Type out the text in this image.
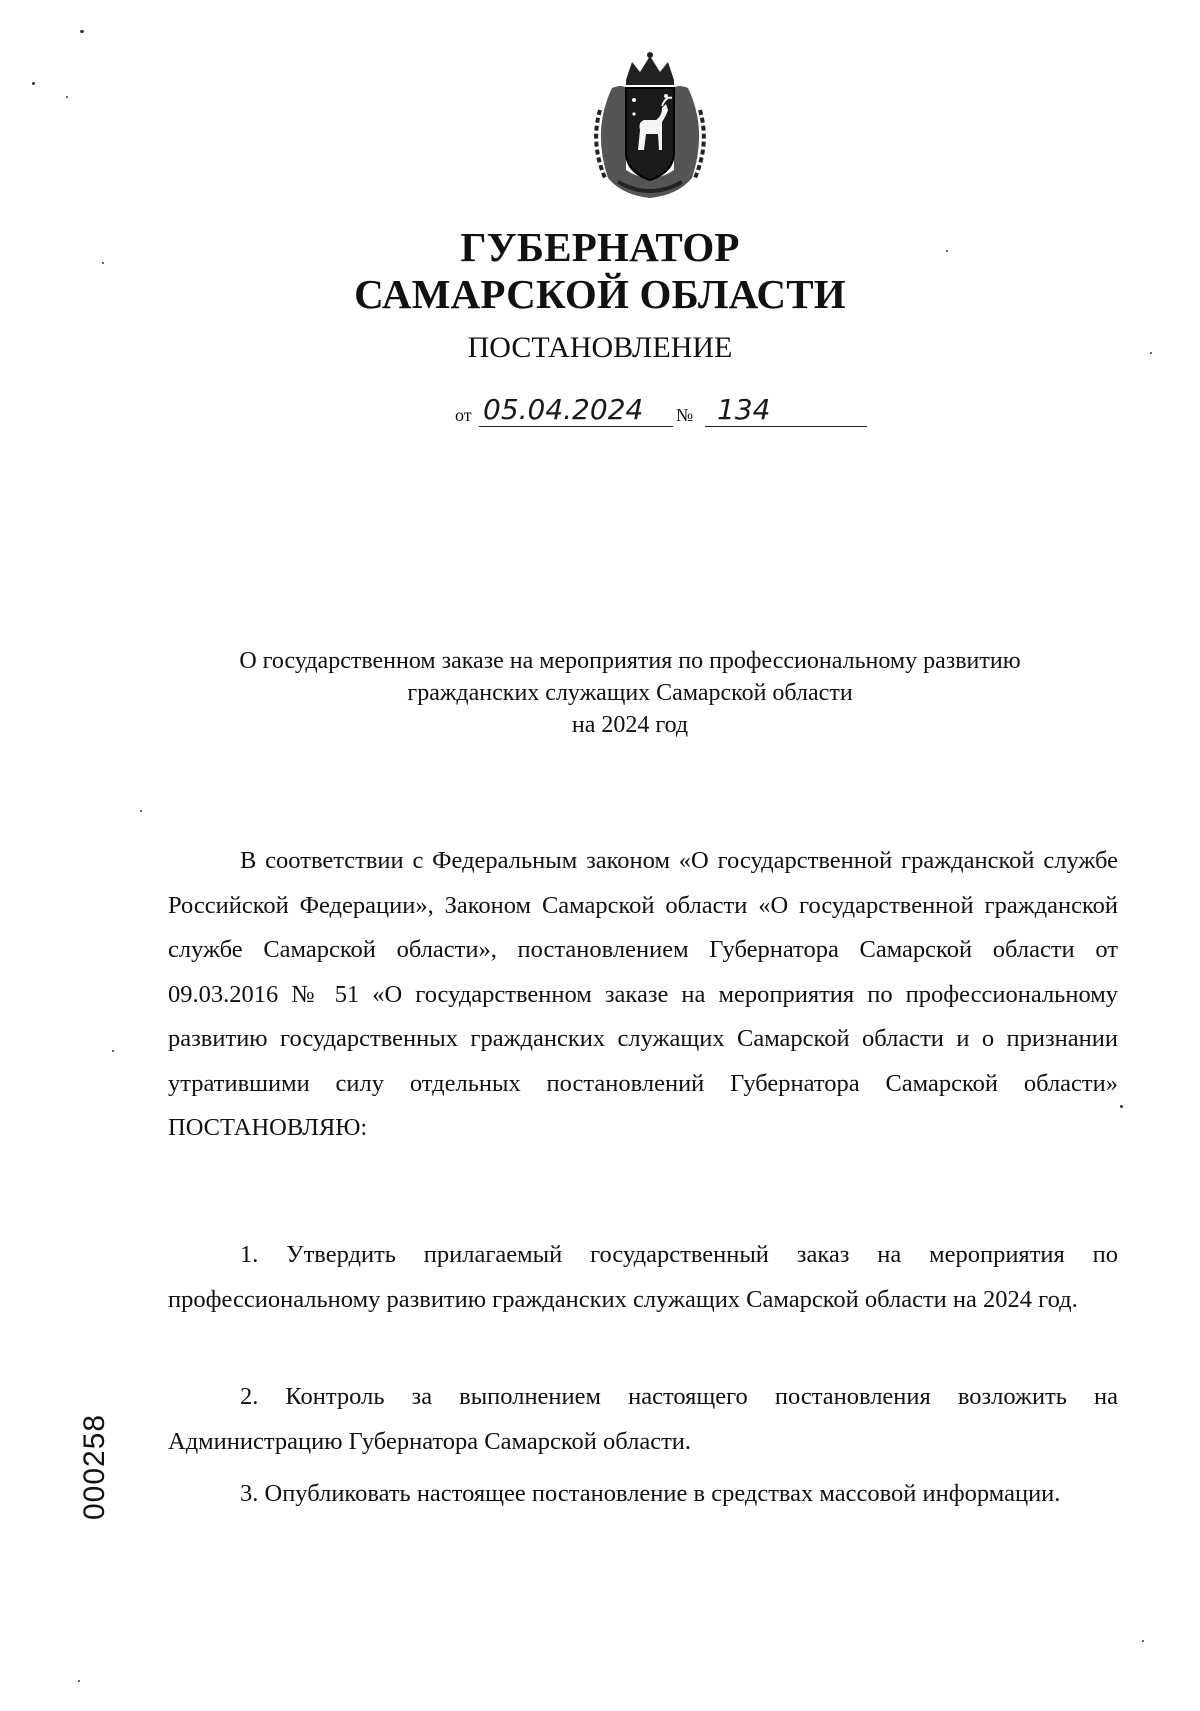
ГУБЕРНАТОР
САМАРСКОЙ ОБЛАСТИ
ПОСТАНОВЛЕНИЕ
от 05.04.2024	№ 134
О государственном заказе на мероприятия по профессиональному развитию
гражданских служащих Самарской области
на 2024 год

В соответствии с Федеральным законом «О государственной гражданской службе Российской Федерации», Законом Самарской области «О государственной гражданской службе Самарской области», постановлением Губернатора Самарской области от 09.03.2016 № 51 «О государственном заказе на мероприятия по профессиональному развитию государственных гражданских служащих Самарской области и о признании утратившими силу отдельных постановлений Губернатора Самарской области» ПОСТАНОВЛЯЮ:

1. Утвердить прилагаемый государственный заказ на мероприятия по профессиональному развитию гражданских служащих Самарской области на 2024 год.

2. Контроль за выполнением настоящего постановления возложить на Администрацию Губернатора Самарской области.

3. Опубликовать настоящее постановление в средствах массовой информации.

000258
